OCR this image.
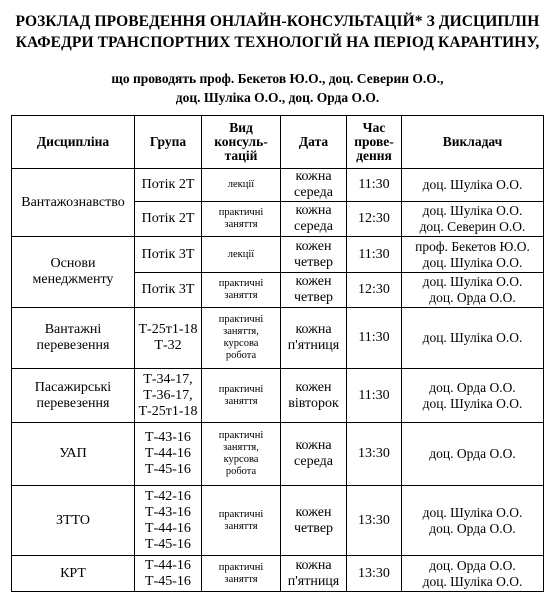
РОЗКЛАД ПРОВЕДЕННЯ ОНЛАЙН-КОНСУЛЬТАЦІЙ* З ДИСЦИПЛІН
КАФЕДРИ ТРАНСПОРТНИХ ТЕХНОЛОГІЙ НА ПЕРІОД КАРАНТИНУ,
що проводять проф. Бекетов Ю.О., доц. Северин О.О.,
доц. Шуліка О.О., доц. Орда О.О.
Дисципліна	Група	Вид
консуль-
тацій	Дата	Час
прове-
дення	Викладач

Вантажознавство	Потік 2Т	лекції	кожна
середа	11:30	доц. Шуліка О.О.

	Потік 2Т	практичні
заняття	кожна
середа	12:30	доц. Шуліка О.О.
доц. Северин О.О.

Основи
менеджменту	Потік 3Т	лекції	кожен
четвер	11:30	проф. Бекетов Ю.О.
доц. Шуліка О.О.

	Потік 3Т	практичні
заняття	кожен
четвер	12:30	доц. Шуліка О.О.
доц. Орда О.О.

Вантажні
перевезення	Т-25т1-18
Т-32	практичні
заняття,
курсова
робота	кожна
п'ятниця	11:30	доц. Шуліка О.О.

Пасажирські
перевезення	Т-34-17,
Т-36-17,
Т-25т1-18	практичні
заняття	кожен
вівторок	11:30	доц. Орда О.О.
доц. Шуліка О.О.

УАП	Т-43-16
Т-44-16
Т-45-16	практичні
заняття,
курсова
робота	кожна
середа	13:30	доц. Орда О.О.

ЗТТО	Т-42-16
Т-43-16
Т-44-16
Т-45-16	практичні
заняття	кожен
четвер	13:30	доц. Шуліка О.О.
доц. Орда О.О.

КРТ	Т-44-16
Т-45-16	практичні
заняття	кожна
п'ятниця	13:30	доц. Орда О.О.
доц. Шуліка О.О.
